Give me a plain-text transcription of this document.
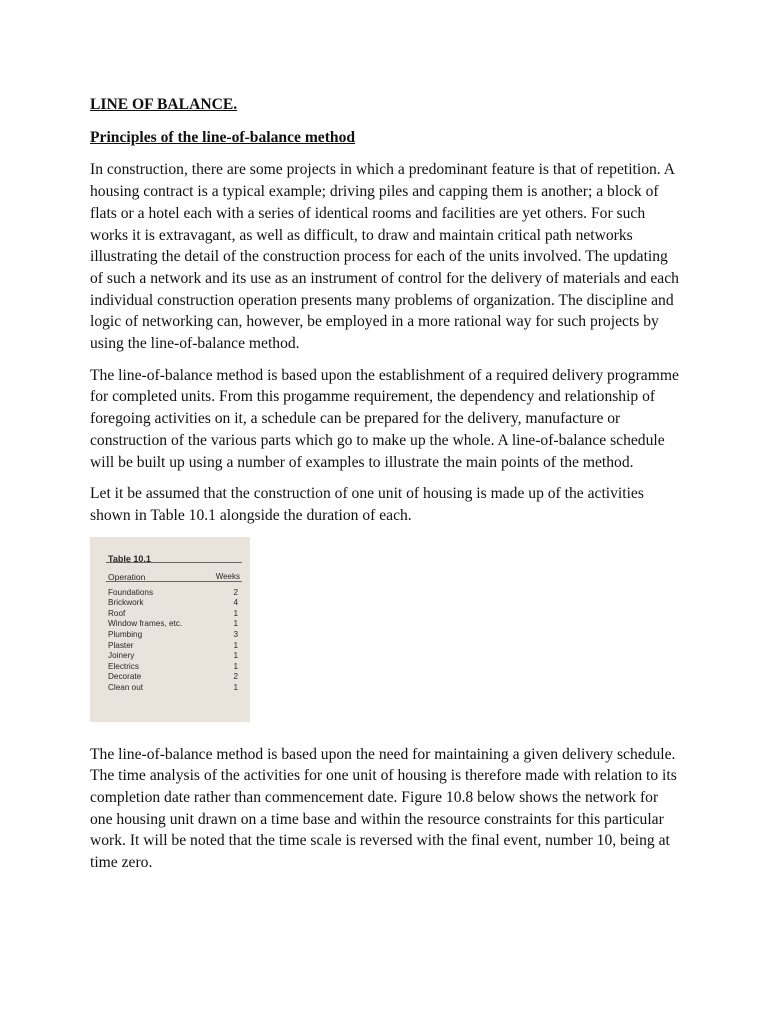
LINE OF BALANCE.

Principles of the line-of-balance method

In construction, there are some projects in which a predominant feature is that of repetition. A housing contract is a typical example; driving piles and capping them is another; a block of flats or a hotel each with a series of identical rooms and facilities are yet others. For such works it is extravagant, as well as difficult, to draw and maintain critical path networks illustrating the detail of the construction process for each of the units involved. The updating of such a network and its use as an instrument of control for the delivery of materials and each individual construction operation presents many problems of organization. The discipline and logic of networking can, however, be employed in a more rational way for such projects by using the line-of-balance method.

The line-of-balance method is based upon the establishment of a required delivery programme for completed units. From this progamme requirement, the dependency and relationship of foregoing activities on it, a schedule can be prepared for the delivery, manufacture or construction of the various parts which go to make up the whole. A line-of-balance schedule will be built up using a number of examples to illustrate the main points of the method.

Let it be assumed that the construction of one unit of housing is made up of the activities shown in Table 10.1 alongside the duration of each.

Table 10.1
Operation	Weeks
Foundations	2
Brickwork	4
Roof	1
Window frames, etc.	1
Plumbing	3
Plaster	1
Joinery	1
Electrics	1
Decorate	2
Clean out	1

The line-of-balance method is based upon the need for maintaining a given delivery schedule. The time analysis of the activities for one unit of housing is therefore made with relation to its completion date rather than commencement date. Figure 10.8 below shows the network for one housing unit drawn on a time base and within the resource constraints for this particular work. It will be noted that the time scale is reversed with the final event, number 10, being at time zero.
